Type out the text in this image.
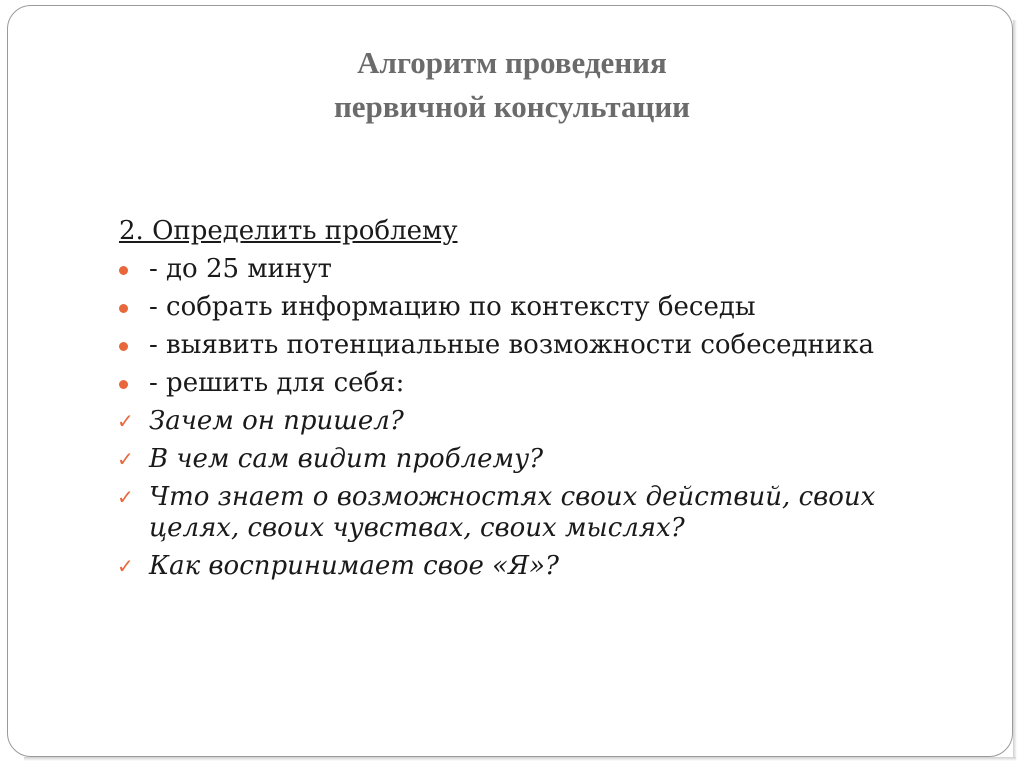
Алгоритм проведения
первичной консультации
2. Определить проблему
- до 25 минут
- собрать информацию по контексту беседы
- выявить потенциальные возможности собеседника
- решить для себя:
✓ Зачем он пришел?
✓ В чем сам видит проблему?
✓ Что знает о возможностях своих действий, своих целях, своих чувствах, своих мыслях?
✓ Как воспринимает свое «Я»?
